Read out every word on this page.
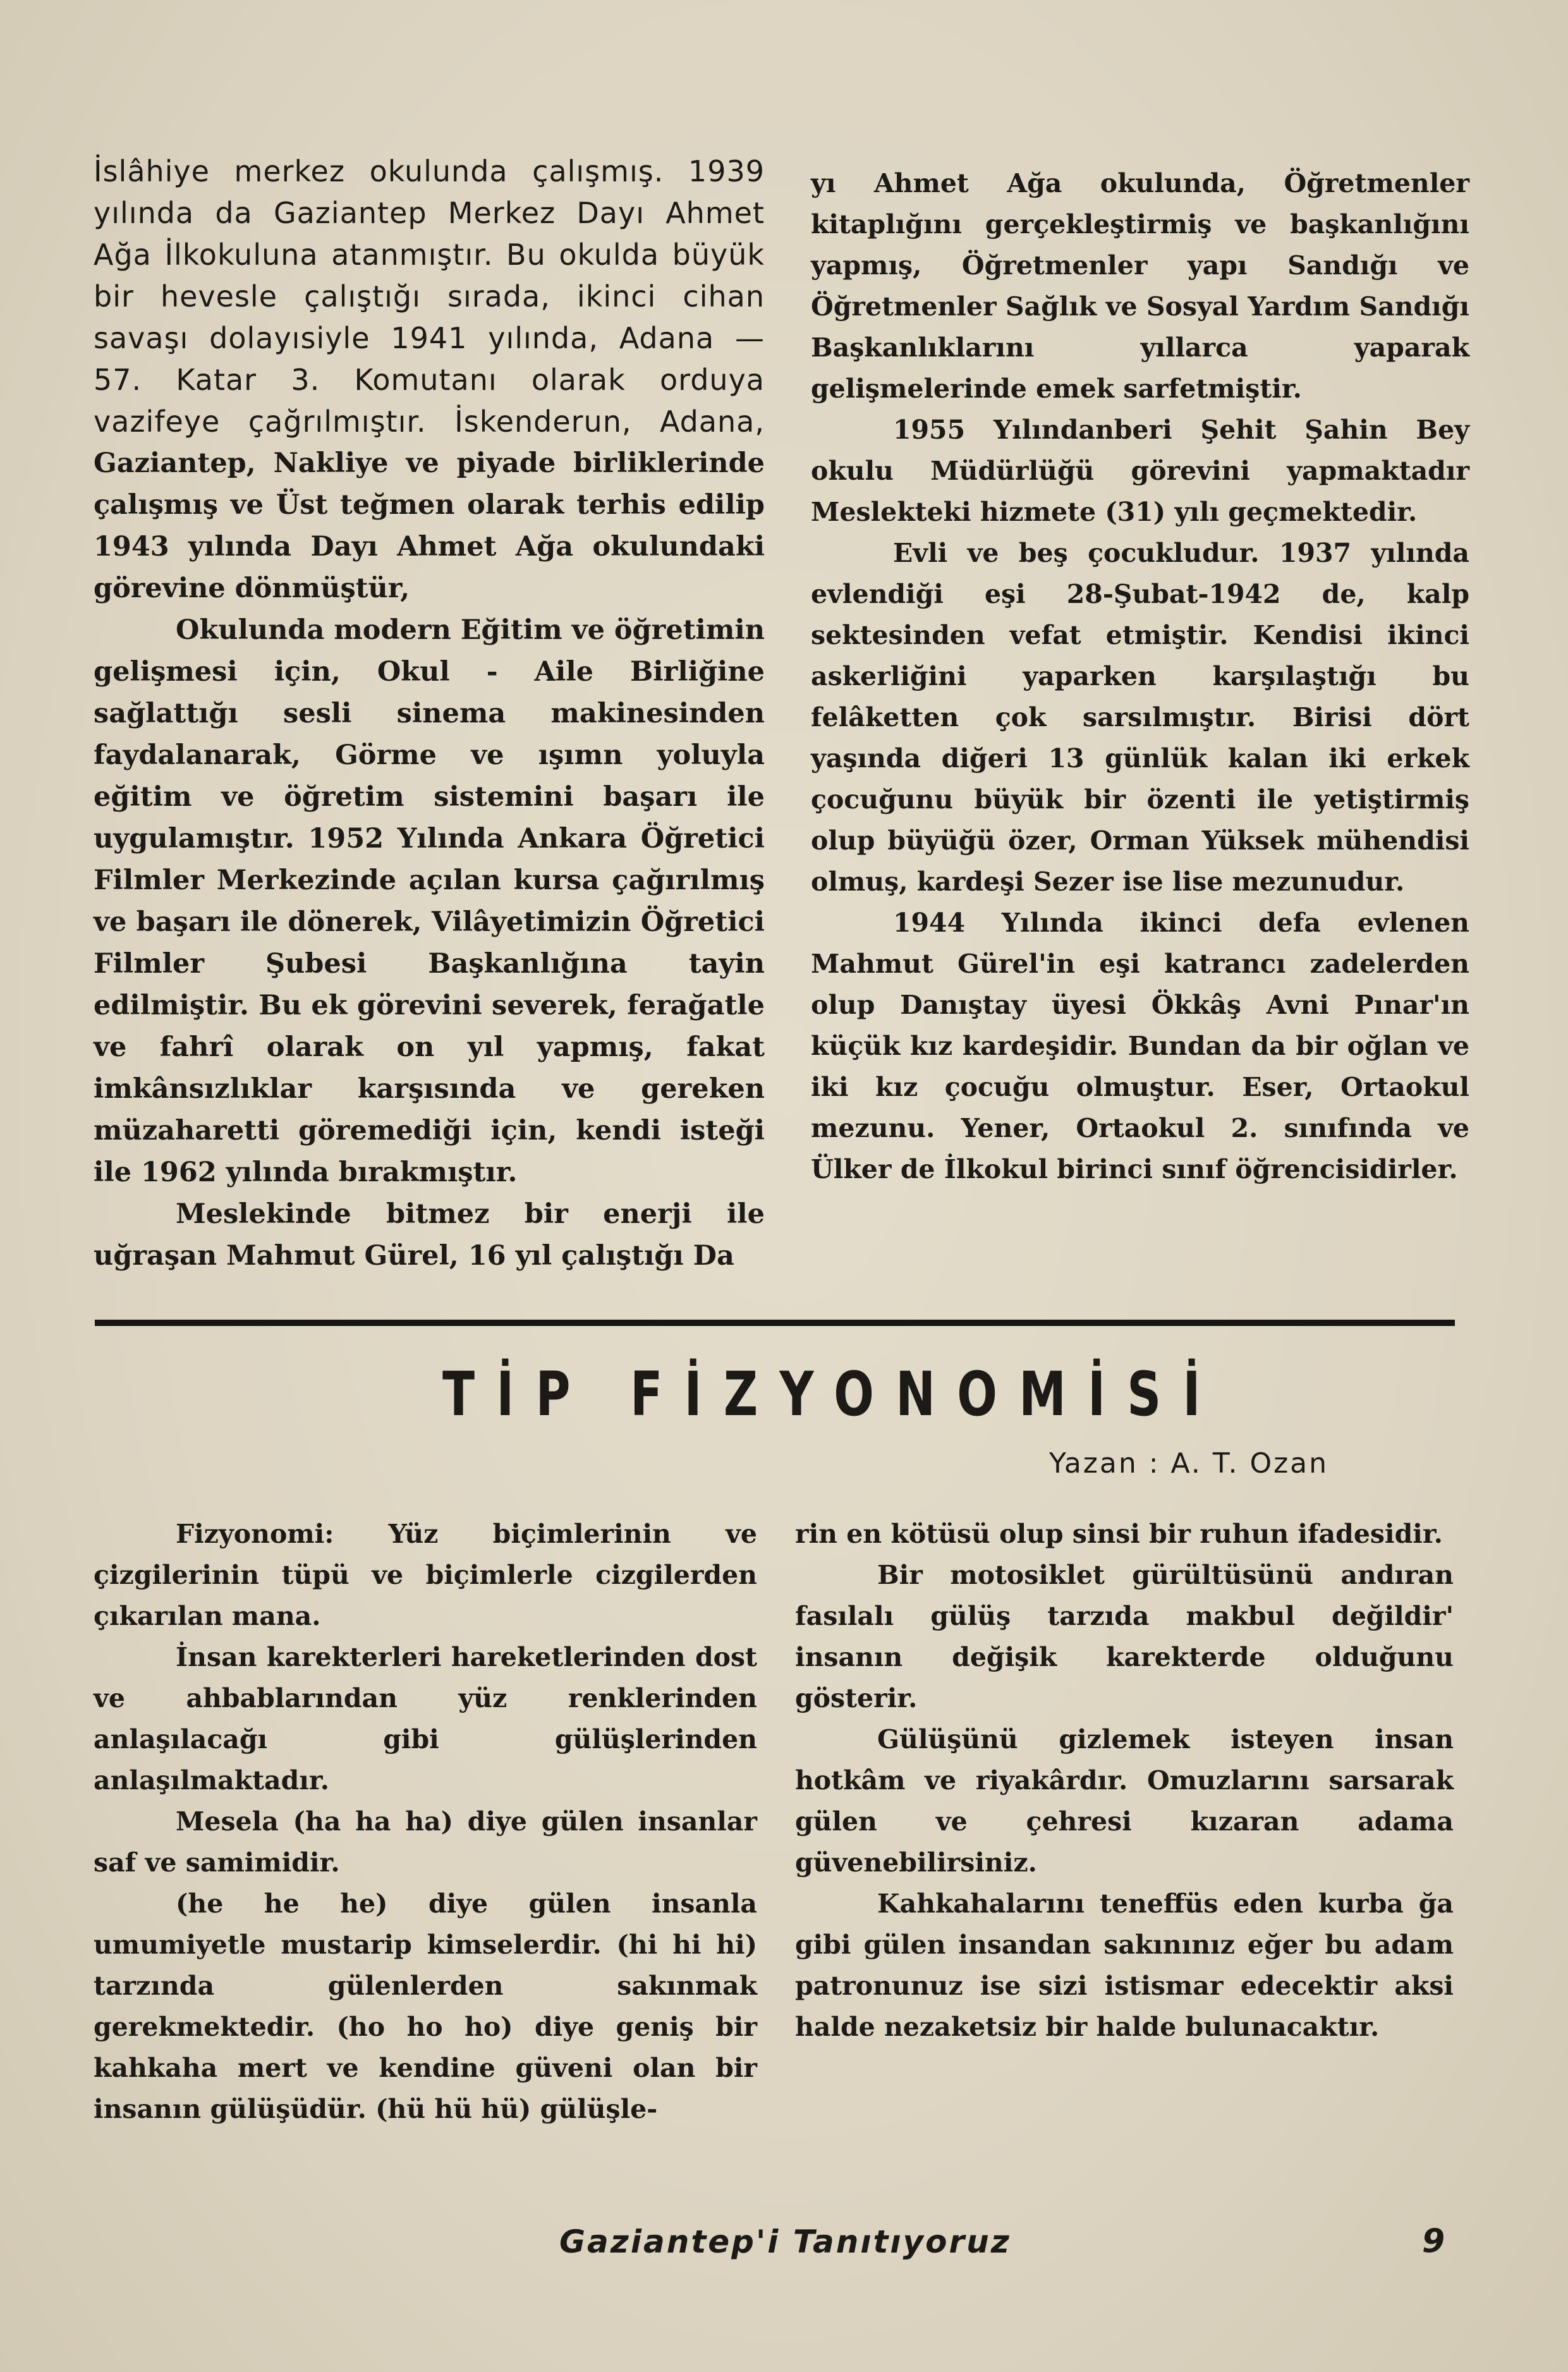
İslâhiye merkez okulunda çalışmış. 1939 yılında da Gaziantep Merkez Dayı Ahmet Ağa İlkokuluna atanmıştır. Bu okulda büyük bir hevesle çalıştığı sırada, ikinci cihan savaşı dolayısiyle 1941 yılında, Adana — 57. Katar 3. Komutanı olarak orduya vazifeye çağrılmıştır. İskenderun, Adana, Gaziantep, Nakliye ve piyade birliklerinde çalışmış ve Üst teğmen olarak terhis edilip 1943 yılında Dayı Ahmet Ağa okulundaki görevine dönmüştür,

Okulunda modern Eğitim ve öğretimin gelişmesi için, Okul - Aile Birliğine sağlattığı sesli sinema makinesinden faydalanarak, Görme ve ışımn yoluyla eğitim ve öğretim sistemini başarı ile uygulamıştır. 1952 Yılında Ankara Öğretici Filmler Merkezinde açılan kursa çağırılmış ve başarı ile dönerek, Vilâyetimizin Öğretici Filmler Şubesi Başkanlığına tayin edilmiştir. Bu ek görevini severek, ferağatle ve fahrî olarak on yıl yapmış, fakat imkânsızlıklar karşısında ve gereken müzaharetti göremediği için, kendi isteği ile 1962 yılında bırakmıştır.

Meslekinde bitmez bir enerji ile uğraşan Mahmut Gürel, 16 yıl çalıştığı Da

yı Ahmet Ağa okulunda, Öğretmenler kitaplığını gerçekleştirmiş ve başkanlığını yapmış, Öğretmenler yapı Sandığı ve Öğretmenler Sağlık ve Sosyal Yardım Sandığı Başkanlıklarını yıllarca yaparak gelişmelerinde emek sarfetmiştir.

1955 Yılındanberi Şehit Şahin Bey okulu Müdürlüğü görevini yapmaktadır Meslekteki hizmete (31) yılı geçmektedir.

Evli ve beş çocukludur. 1937 yılında evlendiği eşi 28-Şubat-1942 de, kalp sektesinden vefat etmiştir. Kendisi ikinci askerliğini yaparken karşılaştığı bu felâketten çok sarsılmıştır. Birisi dört yaşında diğeri 13 günlük kalan iki erkek çocuğunu büyük bir özenti ile yetiştirmiş olup büyüğü özer, Orman Yüksek mühendisi olmuş, kardeşi Sezer ise lise mezunudur.

1944 Yılında ikinci defa evlenen Mahmut Gürel'in eşi katrancı zadelerden olup Danıştay üyesi Ökkâş Avni Pınar'ın küçük kız kardeşidir. Bundan da bir oğlan ve iki kız çocuğu olmuştur. Eser, Ortaokul mezunu. Yener, Ortaokul 2. sınıfında ve Ülker de İlkokul birinci sınıf öğrencisidirler.

TİP FİZYONOMİSİ
Yazan : A. T. Ozan

Fizyonomi: Yüz biçimlerinin ve çizgilerinin tüpü ve biçimlerle cizgilerden çıkarılan mana.

İnsan karekterleri hareketlerinden dost ve ahbablarından yüz renklerinden anlaşılacağı gibi gülüşlerinden anlaşılmaktadır.

Mesela (ha ha ha) diye gülen insanlar saf ve samimidir.

(he he he) diye gülen insanla umumiyetle mustarip kimselerdir. (hi hi hi) tarzında gülenlerden sakınmak gerekmektedir. (ho ho ho) diye geniş bir kahkaha mert ve kendine güveni olan bir insanın gülüşüdür. (hü hü hü) gülüşle-

rin en kötüsü olup sinsi bir ruhun ifadesidir.

Bir motosiklet gürültüsünü andıran fasılalı gülüş tarzıda makbul değildir' insanın değişik karekterde olduğunu gösterir.

Gülüşünü gizlemek isteyen insan hotkâm ve riyakârdır. Omuzlarını sarsarak gülen ve çehresi kızaran adama güvenebilirsiniz.

Kahkahalarını teneffüs eden kurba ğa gibi gülen insandan sakınınız eğer bu adam patronunuz ise sizi istismar edecektir aksi halde nezaketsiz bir halde bulunacaktır.

Gaziantep'i Tanıtıyoruz	9
